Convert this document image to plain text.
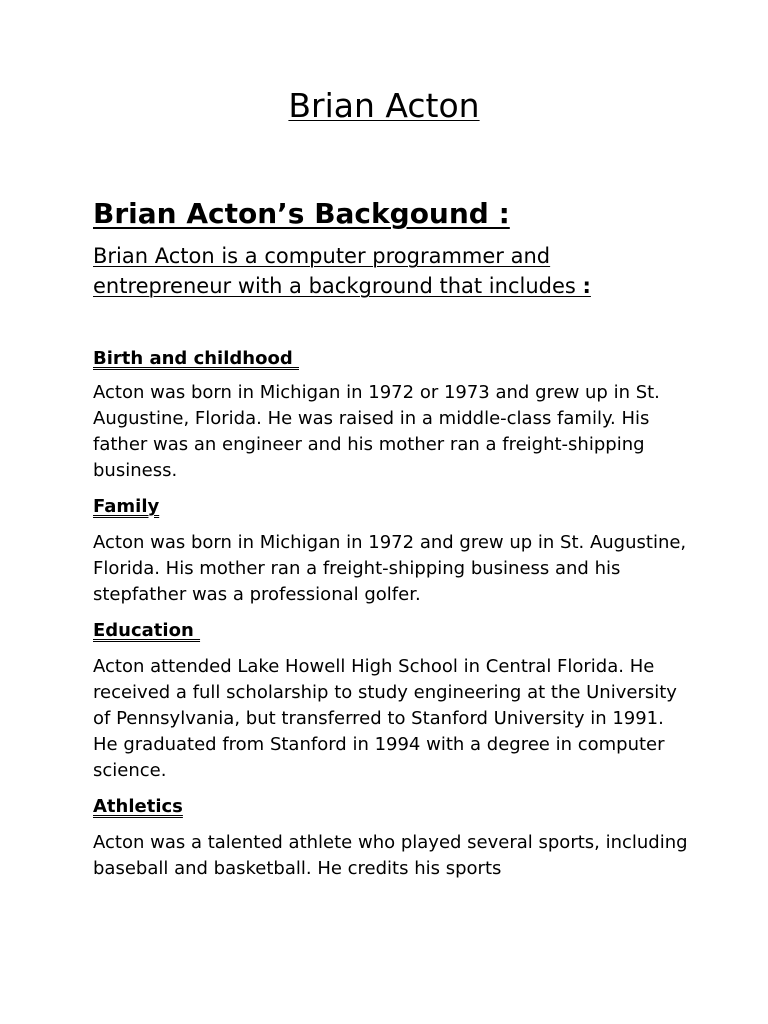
Brian Acton
Brian Acton’s Backgound :

Brian Acton is a computer programmer and
entrepreneur with a background that includes :

Birth and childhood

Acton was born in Michigan in 1972 or 1973 and grew up in St. Augustine, Florida. He was raised in a middle-class family. His father was an engineer and his mother ran a freight-shipping business.

Family

Acton was born in Michigan in 1972 and grew up in St. Augustine, Florida. His mother ran a freight-shipping business and his stepfather was a professional golfer.

Education

Acton attended Lake Howell High School in Central Florida. He received a full scholarship to study engineering at the University of Pennsylvania, but transferred to Stanford University in 1991. He graduated from Stanford in 1994 with a degree in computer science.

Athletics

Acton was a talented athlete who played several sports, including baseball and basketball. He credits his sports
